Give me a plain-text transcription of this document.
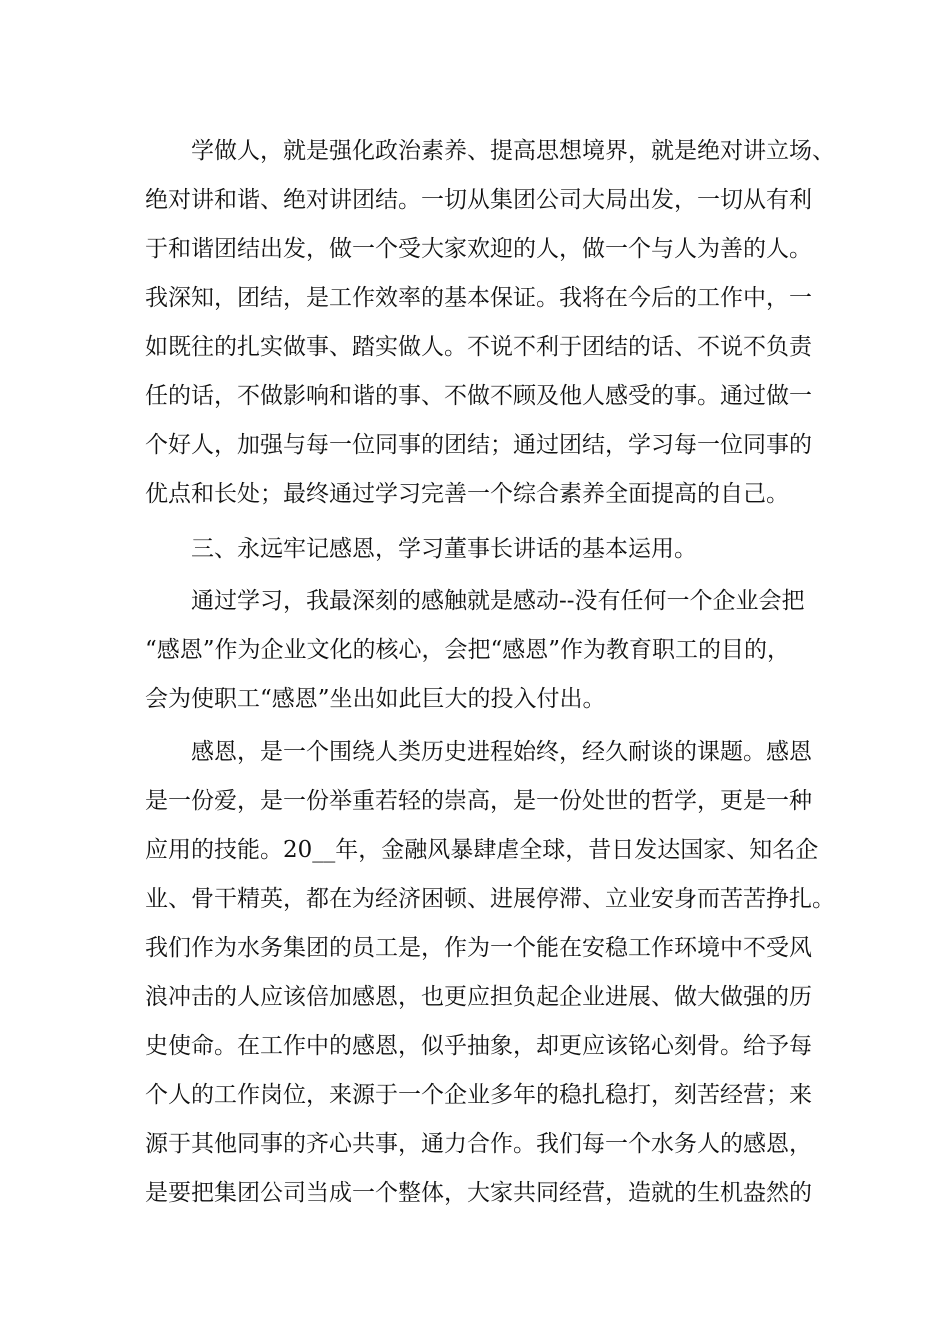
学做人，就是强化政治素养、提高思想境界，就是绝对讲立场、
绝对讲和谐、绝对讲团结。一切从集团公司大局出发，一切从有利
于和谐团结出发，做一个受大家欢迎的人，做一个与人为善的人。
我深知，团结，是工作效率的基本保证。我将在今后的工作中，一
如既往的扎实做事、踏实做人。不说不利于团结的话、不说不负责
任的话，不做影响和谐的事、不做不顾及他人感受的事。通过做一
个好人，加强与每一位同事的团结；通过团结，学习每一位同事的
优点和长处；最终通过学习完善一个综合素养全面提高的自己。
三、永远牢记感恩，学习董事长讲话的基本运用。
通过学习，我最深刻的感触就是感动--没有任何一个企业会把
“感恩”作为企业文化的核心，会把“感恩”作为教育职工的目的，
会为使职工“感恩”坐出如此巨大的投入付出。
感恩，是一个围绕人类历史进程始终，经久耐谈的课题。感恩
是一份爱，是一份举重若轻的崇高，是一份处世的哲学，更是一种
应用的技能。20__年，金融风暴肆虐全球，昔日发达国家、知名企
业、骨干精英，都在为经济困顿、进展停滞、立业安身而苦苦挣扎。
我们作为水务集团的员工是，作为一个能在安稳工作环境中不受风
浪冲击的人应该倍加感恩，也更应担负起企业进展、做大做强的历
史使命。在工作中的感恩，似乎抽象，却更应该铭心刻骨。给予每
个人的工作岗位，来源于一个企业多年的稳扎稳打，刻苦经营；来
源于其他同事的齐心共事，通力合作。我们每一个水务人的感恩，
是要把集团公司当成一个整体，大家共同经营，造就的生机盎然的
